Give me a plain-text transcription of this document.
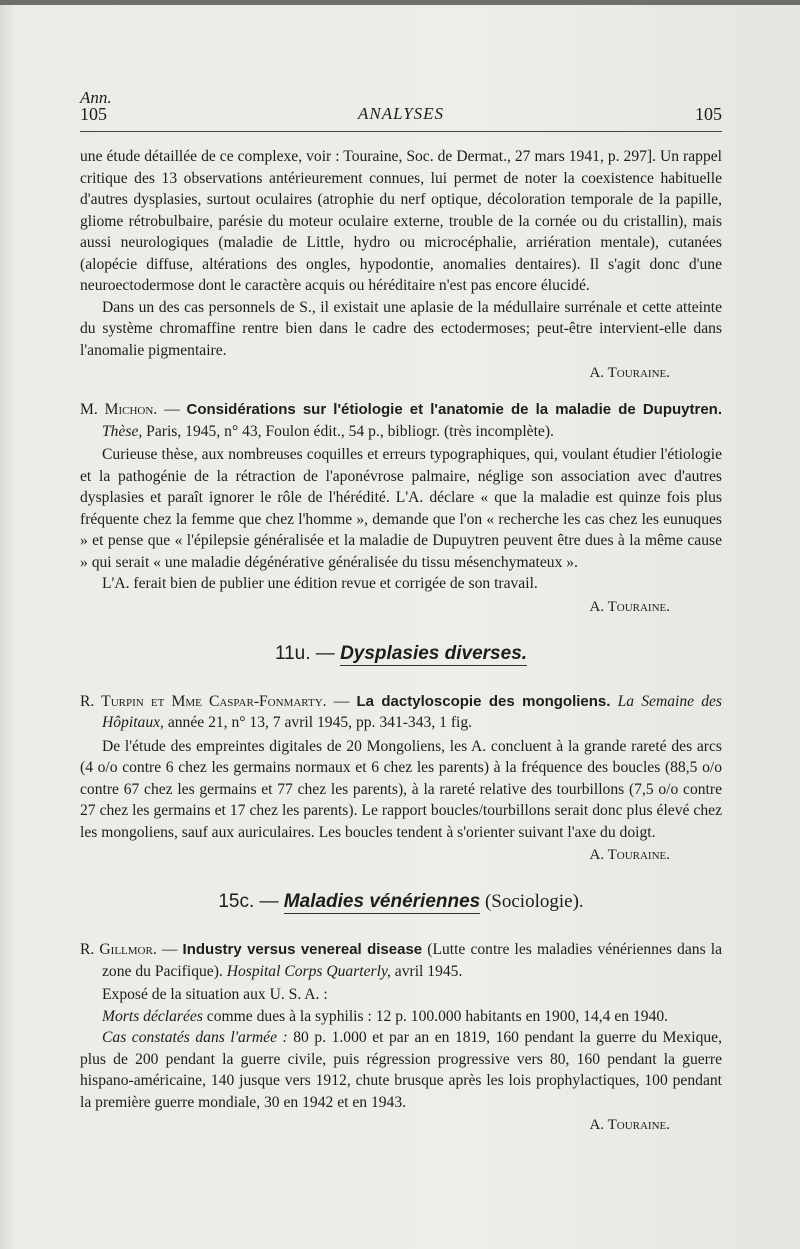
Ann.
105	ANALYSES	105

une étude détaillée de ce complexe, voir : Touraine, Soc. de Dermat., 27 mars 1941, p. 297]. Un rappel critique des 13 observations antérieurement connues, lui permet de noter la coexistence habituelle d'autres dysplasies, surtout oculaires (atrophie du nerf optique, décoloration temporale de la papille, gliome rétrobulbaire, parésie du moteur oculaire externe, trouble de la cornée ou du cristallin), mais aussi neurologiques (maladie de Little, hydro ou microcéphalie, arriération mentale), cutanées (alopécie diffuse, altérations des ongles, hypodontie, anomalies dentaires). Il s'agit donc d'une neuroectodermose dont le caractère acquis ou héréditaire n'est pas encore élucidé.

Dans un des cas personnels de S., il existait une aplasie de la médullaire surrénale et cette atteinte du système chromaffine rentre bien dans le cadre des ectodermoses; peut-être intervient-elle dans l'anomalie pigmentaire.

A. Touraine.

M. Michon. — Considérations sur l'étiologie et l'anatomie de la maladie de Dupuytren. Thèse, Paris, 1945, n° 43, Foulon édit., 54 p., bibliogr. (très incomplète).

Curieuse thèse, aux nombreuses coquilles et erreurs typographiques, qui, voulant étudier l'étiologie et la pathogénie de la rétraction de l'aponévrose palmaire, néglige son association avec d'autres dysplasies et paraît ignorer le rôle de l'hérédité. L'A. déclare « que la maladie est quinze fois plus fréquente chez la femme que chez l'homme », demande que l'on « recherche les cas chez les eunuques » et pense que « l'épilepsie généralisée et la maladie de Dupuytren peuvent être dues à la même cause » qui serait « une maladie dégénérative généralisée du tissu mésenchymateux ».

L'A. ferait bien de publier une édition revue et corrigée de son travail.

A. Touraine.

11u. — Dysplasies diverses.

R. Turpin et Mme Caspar-Fonmarty. — La dactyloscopie des mongoliens. La Semaine des Hôpitaux, année 21, n° 13, 7 avril 1945, pp. 341-343, 1 fig.

De l'étude des empreintes digitales de 20 Mongoliens, les A. concluent à la grande rareté des arcs (4 o/o contre 6 chez les germains normaux et 6 chez les parents) à la fréquence des boucles (88,5 o/o contre 67 chez les germains et 77 chez les parents), à la rareté relative des tourbillons (7,5 o/o contre 27 chez les germains et 17 chez les parents). Le rapport boucles/tourbillons serait donc plus élevé chez les mongoliens, sauf aux auriculaires. Les boucles tendent à s'orienter suivant l'axe du doigt.

A. Touraine.

15c. — Maladies vénériennes (Sociologie).

R. Gillmor. — Industry versus venereal disease (Lutte contre les maladies vénériennes dans la zone du Pacifique). Hospital Corps Quarterly, avril 1945.

Exposé de la situation aux U. S. A. :

Morts déclarées comme dues à la syphilis : 12 p. 100.000 habitants en 1900, 14,4 en 1940.

Cas constatés dans l'armée : 80 p. 1.000 et par an en 1819, 160 pendant la guerre du Mexique, plus de 200 pendant la guerre civile, puis régression progressive vers 80, 160 pendant la guerre hispano-américaine, 140 jusque vers 1912, chute brusque après les lois prophylactiques, 100 pendant la première guerre mondiale, 30 en 1942 et en 1943.

A. Touraine.
